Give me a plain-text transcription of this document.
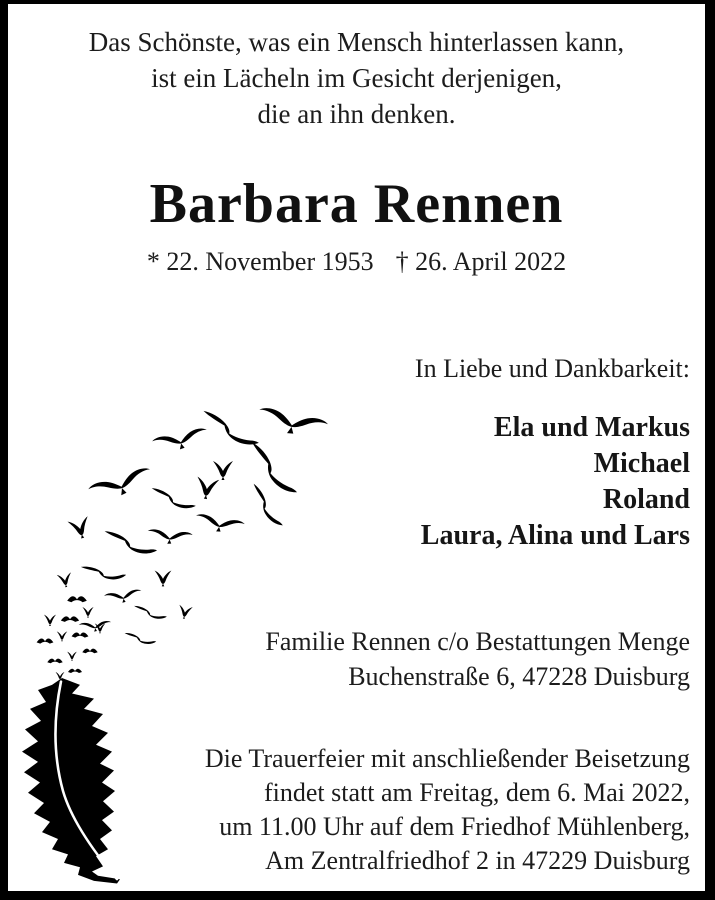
Das Schönste, was ein Mensch hinterlassen kann,
ist ein Lächeln im Gesicht derjenigen,
die an ihn denken.
Barbara Rennen
* 22. November 1953 † 26. April 2022
In Liebe und Dankbarkeit:
Ela und Markus
Michael
Roland
Laura, Alina und Lars
Familie Rennen c/o Bestattungen Menge
Buchenstraße 6, 47228 Duisburg
Die Trauerfeier mit anschließender Beisetzung
findet statt am Freitag, dem 6. Mai 2022,
um 11.00 Uhr auf dem Friedhof Mühlenberg,
Am Zentralfriedhof 2 in 47229 Duisburg
